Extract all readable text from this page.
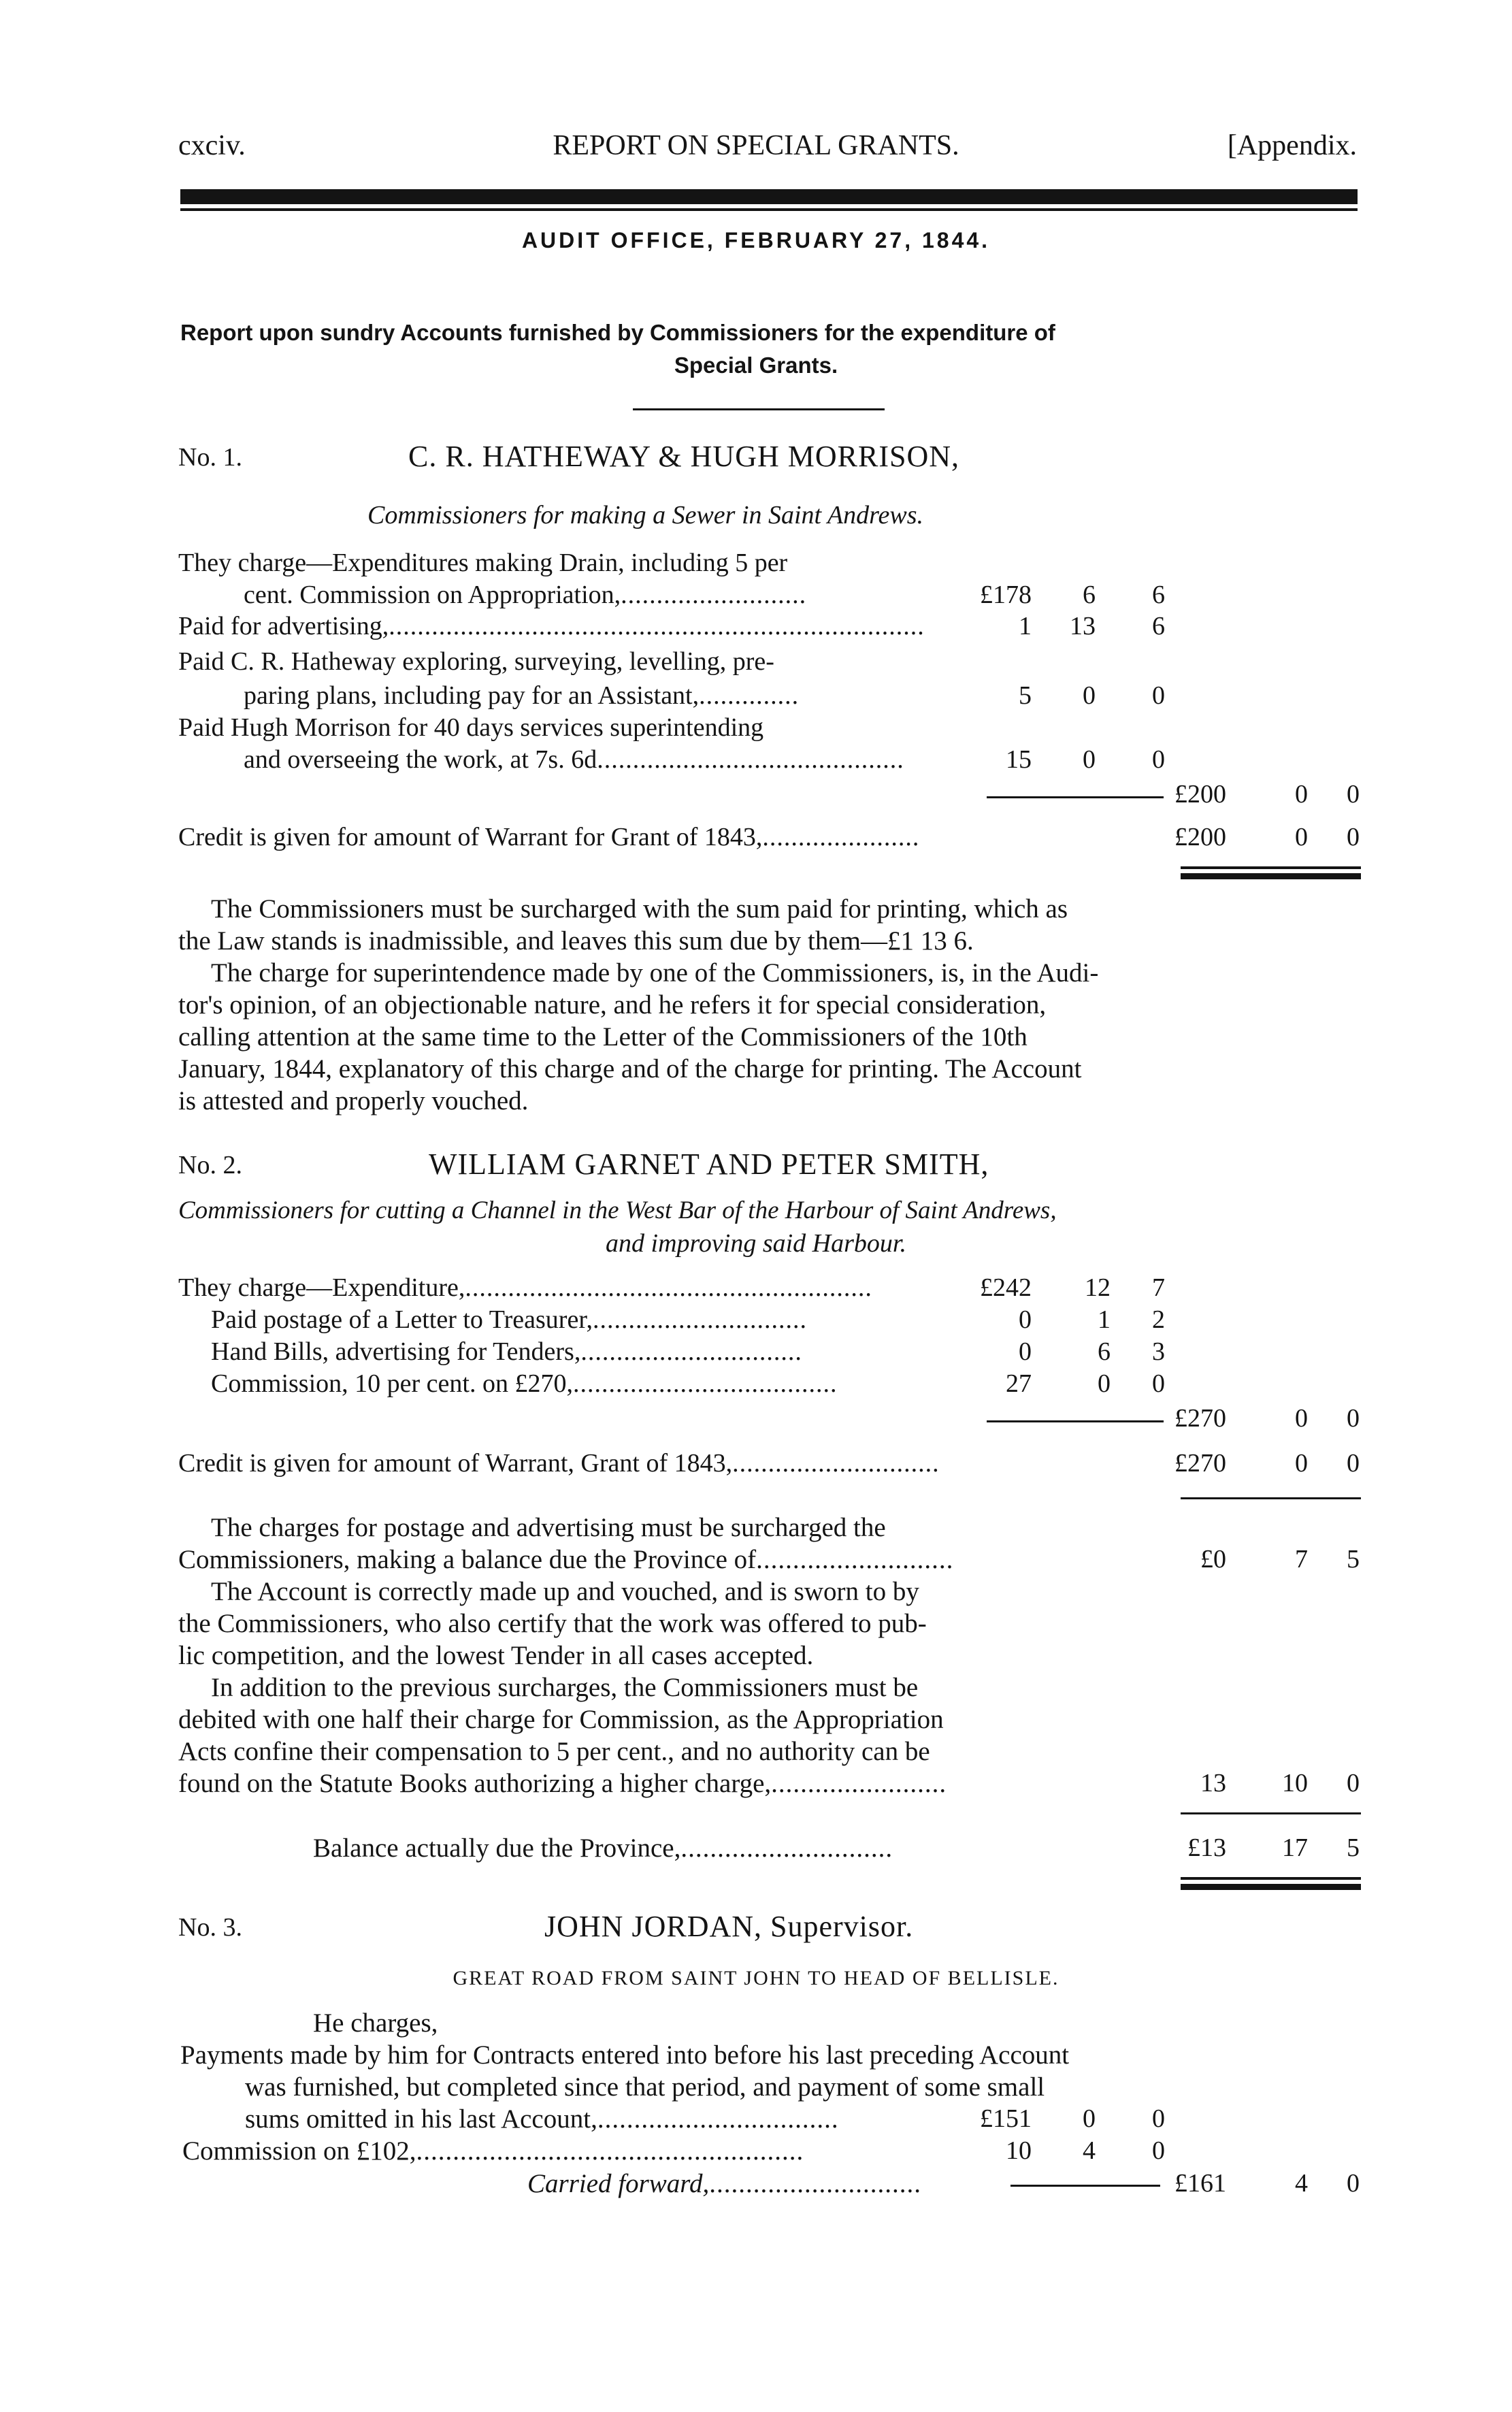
cxciv.	REPORT ON SPECIAL GRANTS.	[Appendix.
AUDIT OFFICE, FEBRUARY 27, 1844.
Report upon sundry Accounts furnished by Commissioners for the expenditure of
Special Grants.
No. 1.	C. R. HATHEWAY & HUGH MORRISON,
Commissioners for making a Sewer in Saint Andrews.
They charge—Expenditures making Drain, including 5 per
cent. Commission on Appropriation,..........................	£178 6 6
Paid for advertising,...........................................................................	1 13 6
Paid C. R. Hatheway exploring, surveying, levelling, pre-
paring plans, including pay for an Assistant,..............	5 0 0
Paid Hugh Morrison for 40 days services superintending
and overseeing the work, at 7s. 6d...........................................	15 0 0
£200	0 0
Credit is given for amount of Warrant for Grant of 1843,......................	£200	0 0
The Commissioners must be surcharged with the sum paid for printing, which as
the Law stands is inadmissible, and leaves this sum due by them—£1 13 6.
The charge for superintendence made by one of the Commissioners, is, in the Audi-
tor's opinion, of an objectionable nature, and he refers it for special consideration,
calling attention at the same time to the Letter of the Commissioners of the 10th
January, 1844, explanatory of this charge and of the charge for printing. The Account
is attested and properly vouched.
No. 2.	WILLIAM GARNET AND PETER SMITH,
Commissioners for cutting a Channel in the West Bar of the Harbour of Saint Andrews,
and improving said Harbour.
They charge—Expenditure,.........................................................	£242 12 7
Paid postage of a Letter to Treasurer,..............................	0	1 2
Hand Bills, advertising for Tenders,...............................	0	6 3
Commission, 10 per cent. on £270,.....................................	27	0 0
£270	0 0
Credit is given for amount of Warrant, Grant of 1843,.............................	£270	0 0
The charges for postage and advertising must be surcharged the
Commissioners, making a balance due the Province of...........................	£0	7 5
The Account is correctly made up and vouched, and is sworn to by
the Commissioners, who also certify that the work was offered to pub-
lic competition, and the lowest Tender in all cases accepted.
In addition to the previous surcharges, the Commissioners must be
debited with one half their charge for Commission, as the Appropriation
Acts confine their compensation to 5 per cent., and no authority can be
found on the Statute Books authorizing a higher charge,........................	13 10 0
Balance actually due the Province,.............................	£13 17 5
No. 3.	JOHN JORDAN, Supervisor.
GREAT ROAD FROM SAINT JOHN TO HEAD OF BELLISLE.
He charges,
Payments made by him for Contracts entered into before his last preceding Account
was furnished, but completed since that period, and payment of some small
sums omitted in his last Account,.................................	£151 0 0
Commission on £102,.....................................................	10 4 0
Carried forward,.............................	£161	4 0
